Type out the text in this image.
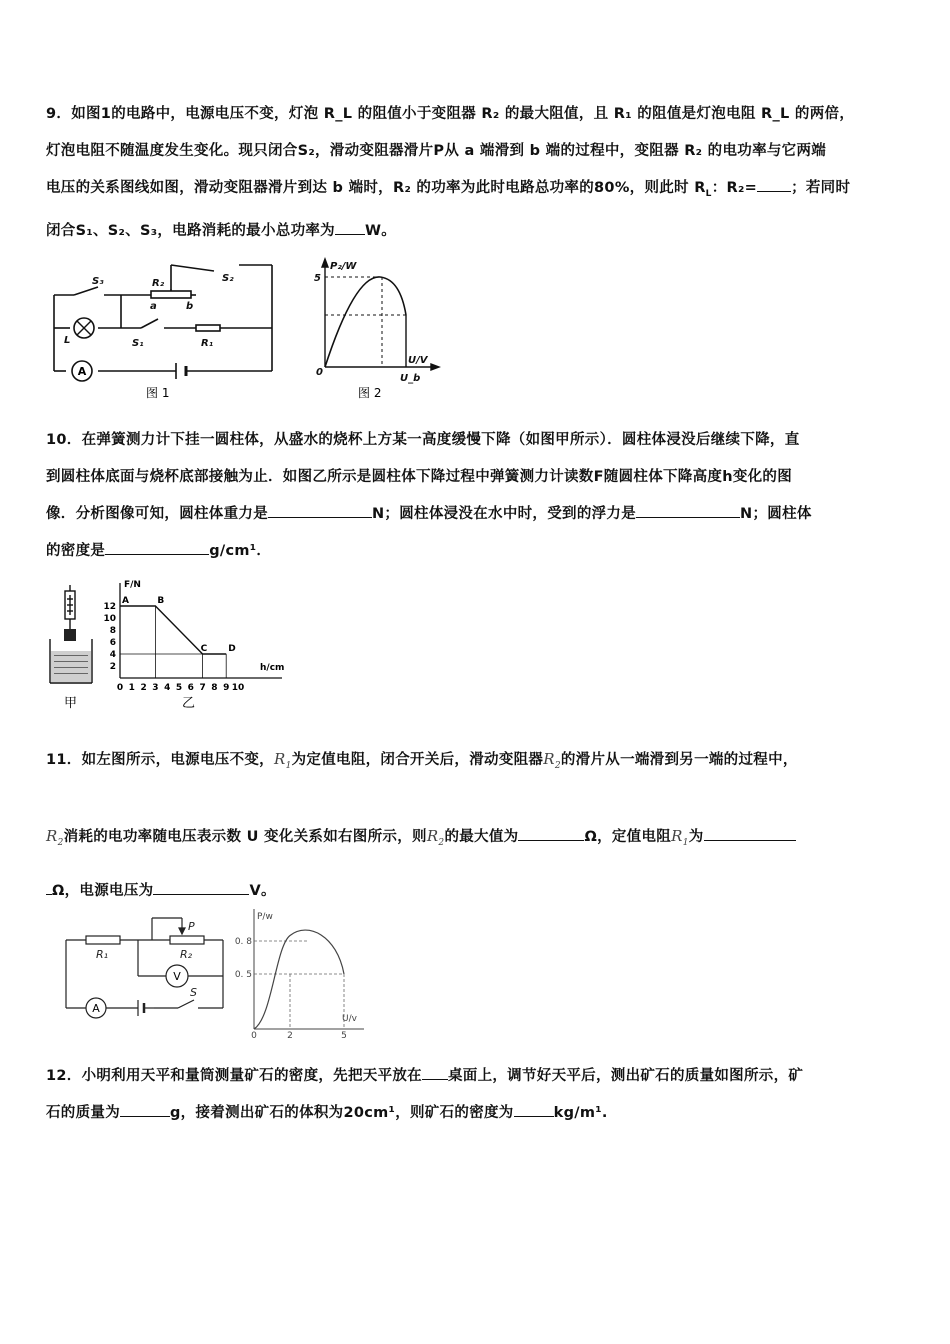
9．如图1的电路中，电源电压不变，灯泡 R_L 的阻值小于变阻器 R₂ 的最大阻值，且 R₁ 的阻值是灯泡电阻 R_L 的两倍，

灯泡电阻不随温度发生变化。现只闭合S₂，滑动变阻器滑片P从 a 端滑到 b 端的过程中，变阻器 R₂ 的电功率与它两端

电压的关系图线如图，滑动变阻器滑片到达 b 端时，R₂ 的功率为此时电路总功率的80%，则此时 $R_L$：R₂= ；若同时

闭合S₁、S₂、S₃，电路消耗的最小总功率为 W。

A
S₃	R₂
a	b
S₂
S₁	R₁
L
图 1
P₂/W
5
0
U/V
U_b
图 2

10．在弹簧测力计下挂一圆柱体，从盛水的烧杯上方某一高度缓慢下降（如图甲所示）．圆柱体浸没后继续下降，直

到圆柱体底面与烧杯底部接触为止．如图乙所示是圆柱体下降过程中弹簧测力计读数F随圆柱体下降高度h变化的图

像．分析图像可知，圆柱体重力是	N；圆柱体浸没在水中时，受到的浮力是	N；圆柱体

的密度是	g/cm¹．

甲
F/N
h/cm
2
4
6
8
10
12
0 1 2 3 4 5 6 7 8 9 10
A	B
C D
乙

11．如左图所示，电源电压不变，$R_1$为定值电阻，闭合开关后，滑动变阻器$R_2$的滑片从一端滑到另一端的过程中，

$R_2$消耗的电功率随电压表示数 U 变化关系如右图所示，则$R_2$的最大值为	Ω，定值电阻$R_1$为

Ω，电源电压为	V。

V
A
R₁	R₂
P
S
P/w
U/v
0. 8
0. 5
0	2	5

12．小明利用天平和量筒测量矿石的密度，先把天平放在 桌面上，调节好天平后，测出矿石的质量如图所示，矿

石的质量为	g，接着测出矿石的体积为20cm¹，则矿石的密度为	kg/m¹.
